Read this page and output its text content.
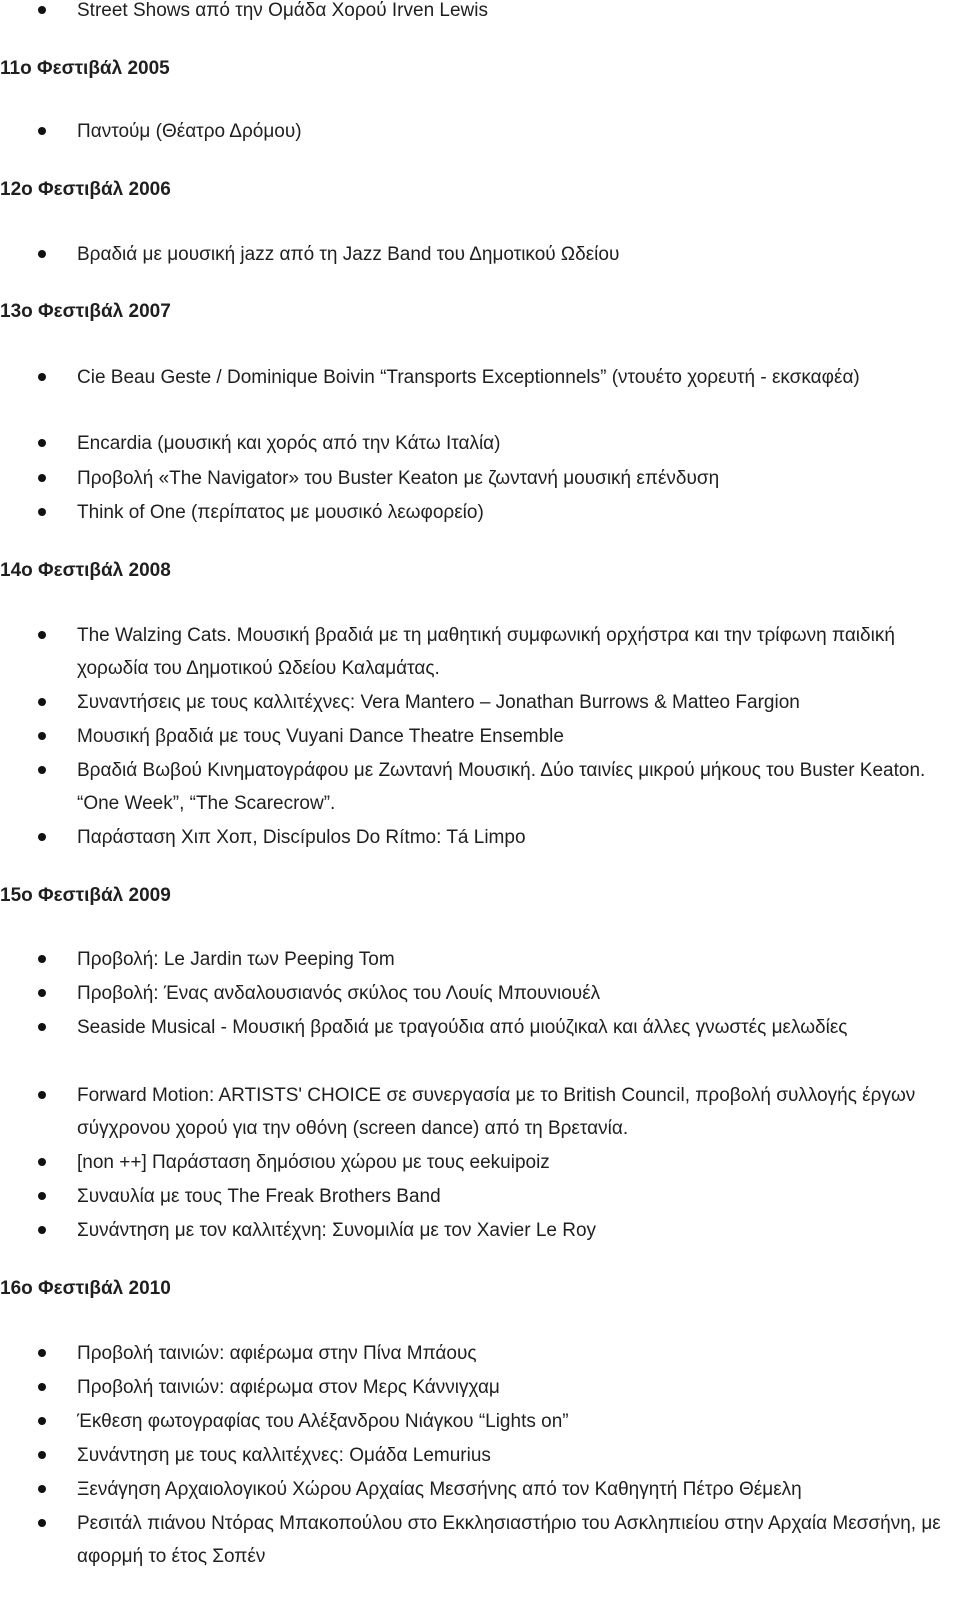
Street Shows από την Ομάδα Χορού Irven Lewis
11ο Φεστιβάλ 2005
Παντούμ (Θέατρο Δρόμου)
12ο Φεστιβάλ 2006
Βραδιά με μουσική jazz από τη Jazz Band του Δημοτικού Ωδείου
13ο Φεστιβάλ 2007
Cie Beau Geste / Dominique Boivin “Transports Exceptionnels” (ντουέτο χορευτή - εκσκαφέα)
Encardia (μουσική και χορός από την Κάτω Ιταλία)
Προβολή «The Navigator» του Buster Keaton με ζωντανή μουσική επένδυση
Think of One (περίπατος με μουσικό λεωφορείο)
14ο Φεστιβάλ 2008
The Walzing Cats. Μουσική βραδιά με τη μαθητική συμφωνική ορχήστρα και την τρίφωνη παιδική χορωδία του Δημοτικού Ωδείου Καλαμάτας.
Συναντήσεις με τους καλλιτέχνες: Vera Mantero – Jonathan Burrows & Matteo Fargion
Μουσική βραδιά με τους Vuyani Dance Theatre Ensemble
Βραδιά Βωβού Κινηματογράφου με Ζωντανή Μουσική. Δύο ταινίες μικρού μήκους του Buster Keaton. “One Week”, “The Scarecrow”.
Παράσταση Χιπ Χοπ, Discípulos Do Rítmo: Tá Limpo
15ο Φεστιβάλ 2009
Προβολή: Le Jardin των Peeping Tom
Προβολή: Ένας ανδαλουσιανός σκύλος του Λουίς Μπουνιουέλ
Seaside Musical - Μουσική βραδιά με τραγούδια από μιούζικαλ και άλλες γνωστές μελωδίες
Forward Motion: ARTISTS' CHOICE σε συνεργασία με το British Council, προβολή συλλογής έργων σύγχρονου χορού για την οθόνη (screen dance) από τη Βρετανία.
[non ++] Παράσταση δημόσιου χώρου με τους eekuipoiz
Συναυλία με τους The Freak Brothers Band
Συνάντηση με τον καλλιτέχνη: Συνομιλία με τον Xavier Le Roy
16ο Φεστιβάλ 2010
Προβολή ταινιών: αφιέρωμα στην Πίνα Μπάους
Προβολή ταινιών: αφιέρωμα στον Μερς Κάννιγχαμ
Έκθεση φωτογραφίας του Αλέξανδρου Νιάγκου “Lights on”
Συνάντηση με τους καλλιτέχνες: Ομάδα Lemurius
Ξενάγηση Αρχαιολογικού Χώρου Αρχαίας Μεσσήνης από τον Καθηγητή Πέτρο Θέμελη
Ρεσιτάλ πιάνου Ντόρας Μπακοπούλου στο Εκκλησιαστήριο του Ασκληπιείου στην Αρχαία Μεσσήνη, με αφορμή το έτος Σοπέν
